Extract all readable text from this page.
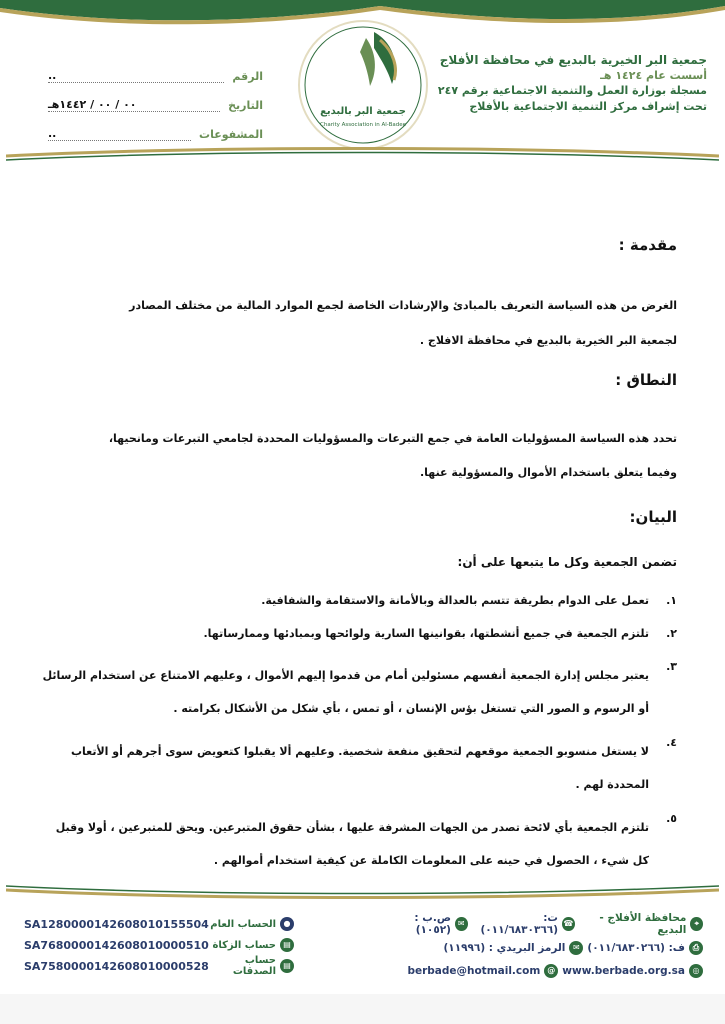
جمعية البر الخيرية بالبديع في محافظة الأفلاج
أسست عام ١٤٢٤ هـ
مسجلة بوزارة العمل والتنمية الاجتماعية برقم ٢٤٧
تحت إشراف مركز التنمية الاجتماعية بالأفلاج
جمعية البر بالبديع
Charity Association in Al-Badee
الرقم
..
التاريخ
٠٠ / ٠٠ / ١٤٤٢هـ
المشفوعات
..
مقدمة :
الغرض من هذه السياسة التعريف بالمبادئ والإرشادات الخاصة لجمع الموارد المالية من مختلف المصادر
لجمعية البر الخيرية بالبديع في محافظة الافلاج .
النطاق :
تحدد هذه السياسة المسؤوليات العامة في جمع التبرعات والمسؤوليات المحددة لجامعي التبرعات ومانحيها،
وفيما يتعلق باستخدام الأموال والمسؤولية عنها.
البيان:
تضمن الجمعية وكل ما يتبعها على أن:
١.
تعمل على الدوام بطريقة تتسم بالعدالة وبالأمانة والاستقامة والشفافية.
٢.
تلتزم الجمعية في جميع أنشطتها، بقوانينها السارية ولوائحها وبمبادئها وممارساتها.
٣.
يعتبر مجلس إدارة الجمعية أنفسهم مسئولين أمام من قدموا إليهم الأموال ، وعليهم الامتناع عن استخدام الرسائل أو الرسوم و الصور التي تستغل بؤس الإنسان ، أو تمس ، بأي شكل من الأشكال بكرامته .
٤.
لا يستغل منسوبو الجمعية موقعهم لتحقيق منفعة شخصية. وعليهم ألا يقبلوا كتعويض سوى أجرهم أو الأتعاب المحددة لهم .
٥.
تلتزم الجمعية بأي لائحة تصدر من الجهات المشرفة عليها ، بشأن حقوق المتبرعين. ويحق للمتبرعين ، أولا وقبل كل شيء ، الحصول في حينه على المعلومات الكاملة عن كيفية استخدام أموالهم .
●
الحساب العام
SA1280000142608010155504
▤
حساب الزكاة
SA7680000142608010000510
▤
حساب الصدقات
SA7580000142608010000528
⌖
محافظة الأفلاج - البديع
☎
ت: (٠١١/٦٨٣٠٣٦٦)
✉
ص.ب : (١٠٥٢)
⎙
ف: (٠١١/٦٨٣٠٢٦٦)
✉
الرمز البريدي : (١١٩٩٦)
◎
www.berbade.org.sa
@
berbade@hotmail.com
